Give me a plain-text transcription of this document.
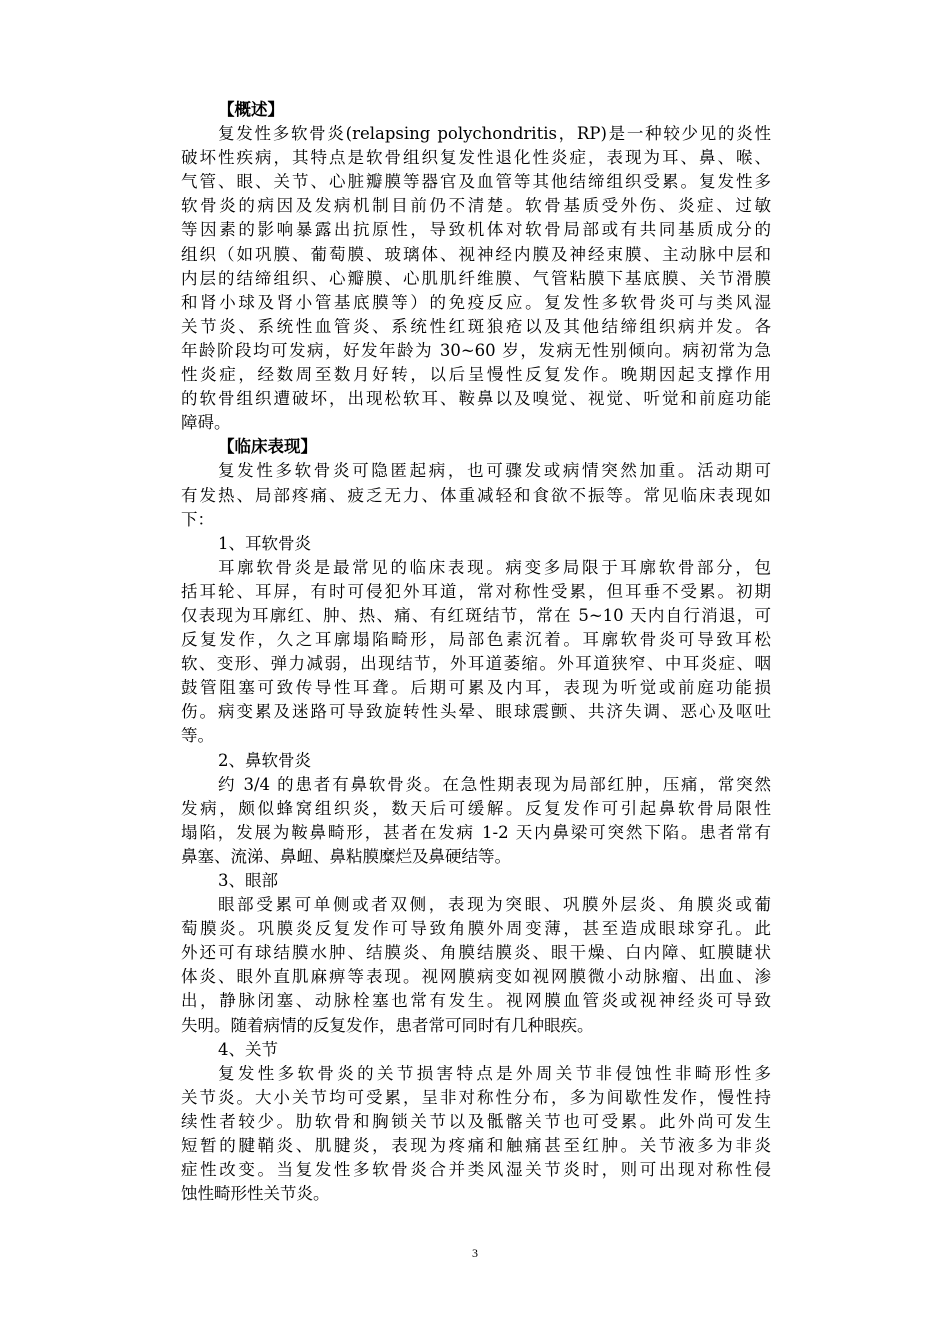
【概述】
复发性多软骨炎(relapsing polychondritis，RP)是一种较少见的炎性
破坏性疾病，其特点是软骨组织复发性退化性炎症，表现为耳、鼻、喉、
气管、眼、关节、心脏瓣膜等器官及血管等其他结缔组织受累。复发性多
软骨炎的病因及发病机制目前仍不清楚。软骨基质受外伤、炎症、过敏
等因素的影响暴露出抗原性，导致机体对软骨局部或有共同基质成分的
组织（如巩膜、葡萄膜、玻璃体、视神经内膜及神经束膜、主动脉中层和
内层的结缔组织、心瓣膜、心肌肌纤维膜、气管粘膜下基底膜、关节滑膜
和肾小球及肾小管基底膜等）的免疫反应。复发性多软骨炎可与类风湿
关节炎、系统性血管炎、系统性红斑狼疮以及其他结缔组织病并发。各
年龄阶段均可发病，好发年龄为 30~60 岁，发病无性别倾向。病初常为急
性炎症，经数周至数月好转，以后呈慢性反复发作。晚期因起支撑作用
的软骨组织遭破坏，出现松软耳、鞍鼻以及嗅觉、视觉、听觉和前庭功能
障碍。
【临床表现】
复发性多软骨炎可隐匿起病，也可骤发或病情突然加重。活动期可
有发热、局部疼痛、疲乏无力、体重减轻和食欲不振等。常见临床表现如
下：
1、耳软骨炎
耳廓软骨炎是最常见的临床表现。病变多局限于耳廓软骨部分，包
括耳轮、耳屏，有时可侵犯外耳道，常对称性受累，但耳垂不受累。初期
仅表现为耳廓红、肿、热、痛、有红斑结节，常在 5~10 天内自行消退，可
反复发作，久之耳廓塌陷畸形，局部色素沉着。耳廓软骨炎可导致耳松
软、变形、弹力减弱，出现结节，外耳道萎缩。外耳道狭窄、中耳炎症、咽
鼓管阻塞可致传导性耳聋。后期可累及内耳，表现为听觉或前庭功能损
伤。病变累及迷路可导致旋转性头晕、眼球震颤、共济失调、恶心及呕吐
等。
2、鼻软骨炎
约 3/4 的患者有鼻软骨炎。在急性期表现为局部红肿，压痛，常突然
发病，颇似蜂窝组织炎，数天后可缓解。反复发作可引起鼻软骨局限性
塌陷，发展为鞍鼻畸形，甚者在发病 1-2 天内鼻梁可突然下陷。患者常有
鼻塞、流涕、鼻衄、鼻粘膜糜烂及鼻硬结等。
3、眼部
眼部受累可单侧或者双侧，表现为突眼、巩膜外层炎、角膜炎或葡
萄膜炎。巩膜炎反复发作可导致角膜外周变薄，甚至造成眼球穿孔。此
外还可有球结膜水肿、结膜炎、角膜结膜炎、眼干燥、白内障、虹膜睫状
体炎、眼外直肌麻痹等表现。视网膜病变如视网膜微小动脉瘤、出血、渗
出，静脉闭塞、动脉栓塞也常有发生。视网膜血管炎或视神经炎可导致
失明。随着病情的反复发作，患者常可同时有几种眼疾。
4、关节
复发性多软骨炎的关节损害特点是外周关节非侵蚀性非畸形性多
关节炎。大小关节均可受累，呈非对称性分布，多为间歇性发作，慢性持
续性者较少。肋软骨和胸锁关节以及骶髂关节也可受累。此外尚可发生
短暂的腱鞘炎、肌腱炎，表现为疼痛和触痛甚至红肿。关节液多为非炎
症性改变。当复发性多软骨炎合并类风湿关节炎时，则可出现对称性侵
蚀性畸形性关节炎。
3
